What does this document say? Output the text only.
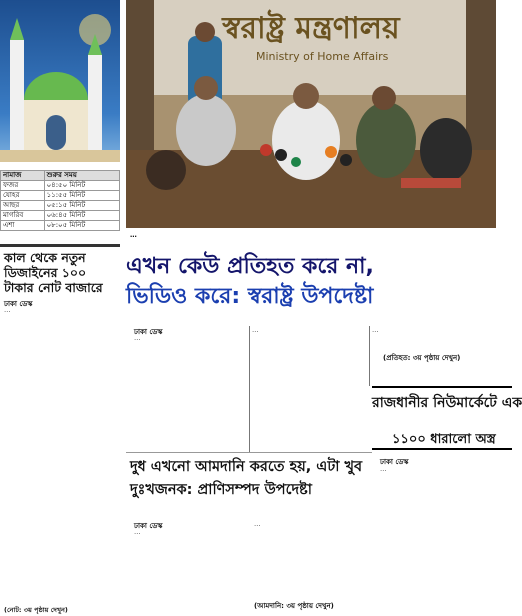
নামাজ	শুরুর সময়
ফজর	০৪:৫০ মিনিট
যোহর	১১:৫৫ মিনিট
আছর	০৫:১৫ মিনিট
মাগরিব	০৬:৪৫ মিনিট
এশা	০৮:০৫ মিনিট
কাল থেকে নতুন ডিজাইনের ১০০ টাকার নোট বাজারে
ঢাকা ডেস্ক
…
(নোট: ৩য় পৃষ্ঠায় দেখুন)
স্বরাষ্ট্র মন্ত্রণালয়
Ministry of Home Affairs
…
এখন কেউ প্রতিহত করে না,
ভিডিও করে: স্বরাষ্ট্র উপদেষ্টা
ঢাকা ডেস্ক
…
…	…
(প্রতিহত: ৩য় পৃষ্ঠায় দেখুন)
রাজধানীর নিউমার্কেটে এক
১১০০ ধারালো অস্ত্র
ঢাকা ডেস্ক
…
দুধ এখনো আমদানি করতে হয়, এটা খুব দুঃখজনক: প্রাণিসম্পদ উপদেষ্টা
ঢাকা ডেস্ক
…
…
(আমদানি: ৩য় পৃষ্ঠায় দেখুন)
